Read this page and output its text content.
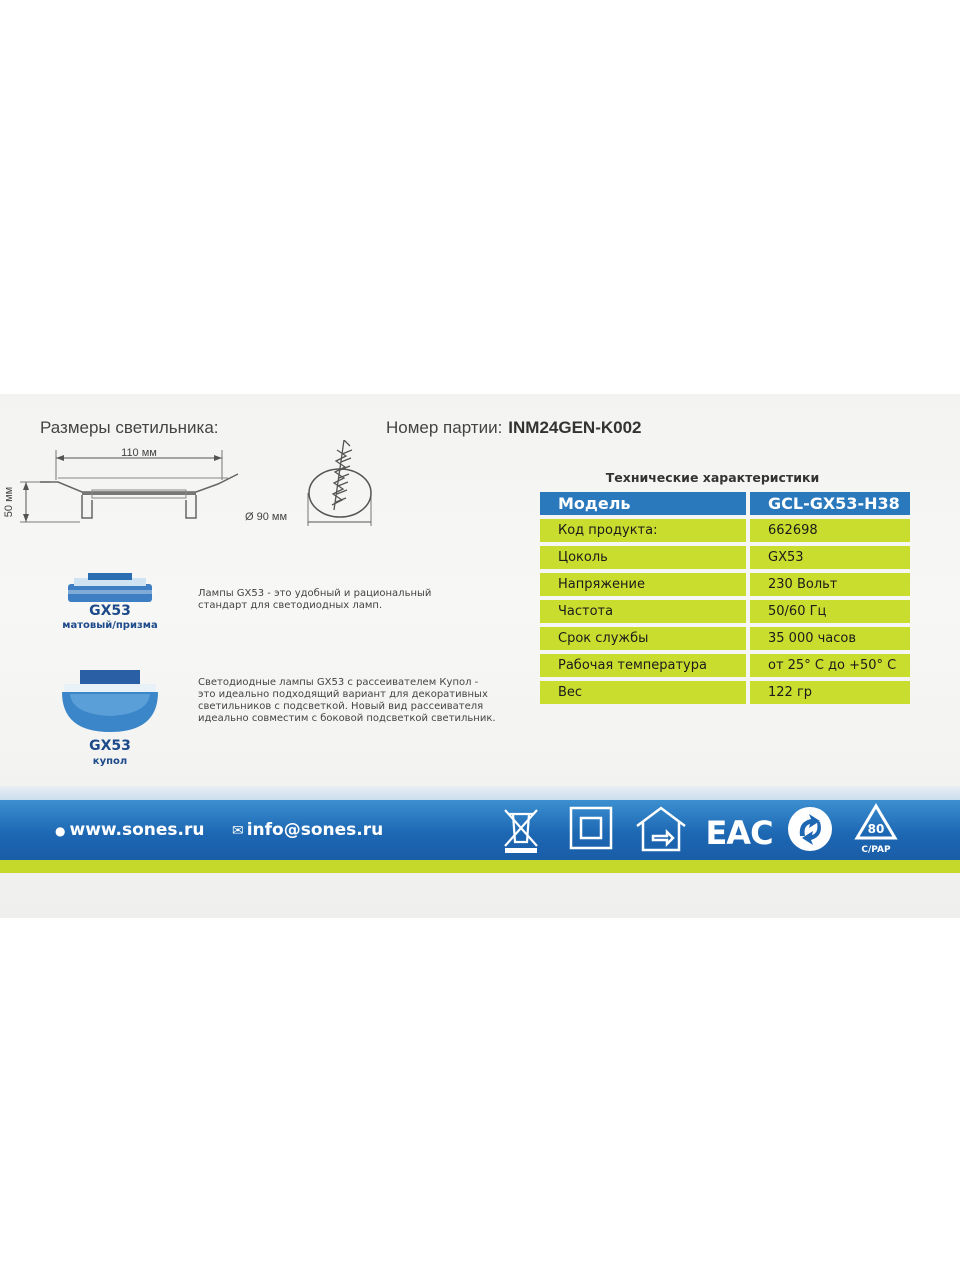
Размеры светильника:	Номер партии: INM24GEN-K002
110 мм
50 мм	Ø 90 мм
GX53
матовый/призма
Лампы GX53 - это удобный и рациональный стандарт для светодиодных ламп.
GX53
купол
Светодиодные лампы GX53 с рассеивателем Купол - это идеально подходящий вариант для декоративных светильников с подсветкой. Новый вид рассеивателя идеально совместим с боковой подсветкой светильник.
Технические характеристики
Модель	GCL-GX53-H38
Код продукта:	662698
Цоколь	GX53
Напряжение	230 Вольт
Частота	50/60 Гц
Срок службы	35 000 часов
Рабочая температура	от 25° С до +50° С
Вес	122 гр
● www.sones.ru ✉ info@sones.ru	EAC	80
C/PAP
